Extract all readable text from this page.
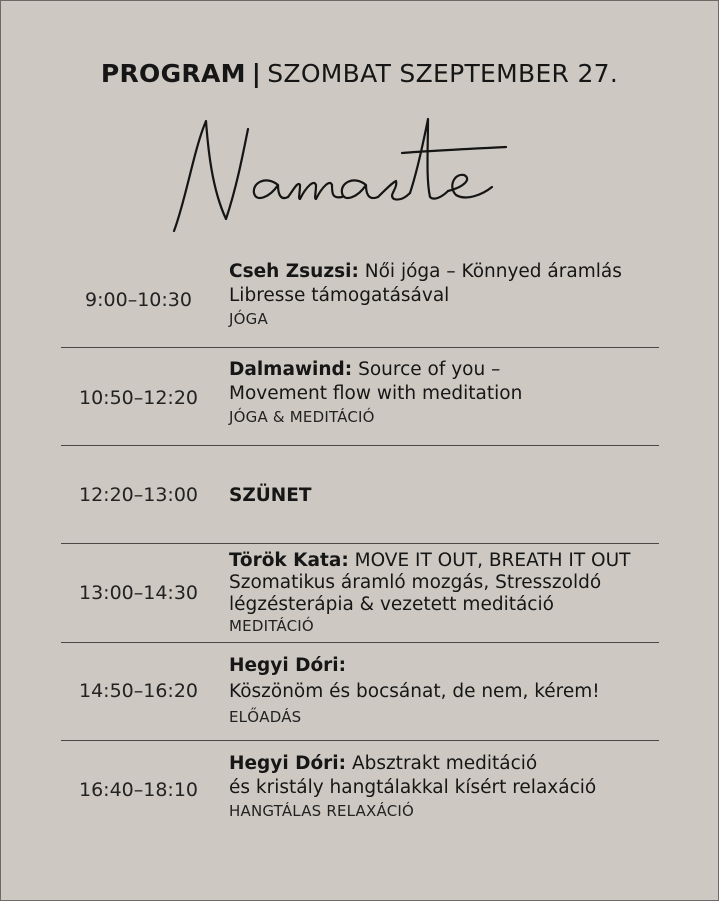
PROGRAM | SZOMBAT SZEPTEMBER 27.
9:00–10:30
Cseh Zsuzsi: Női jóga – Könnyed áramlás
Libresse támogatásával
JÓGA
10:50–12:20
Dalmawind: Source of you –
Movement flow with meditation
JÓGA & MEDITÁCIÓ
12:20–13:00	SZÜNET
13:00–14:30
Török Kata: MOVE IT OUT, BREATH IT OUT
Szomatikus áramló mozgás, Stresszoldó
légzésterápia & vezetett meditáció
MEDITÁCIÓ
14:50–16:20
Hegyi Dóri:
Köszönöm és bocsánat, de nem, kérem!
ELŐADÁS
16:40–18:10
Hegyi Dóri: Absztrakt meditáció
és kristály hangtálakkal kísért relaxáció
HANGTÁLAS RELAXÁCIÓ
